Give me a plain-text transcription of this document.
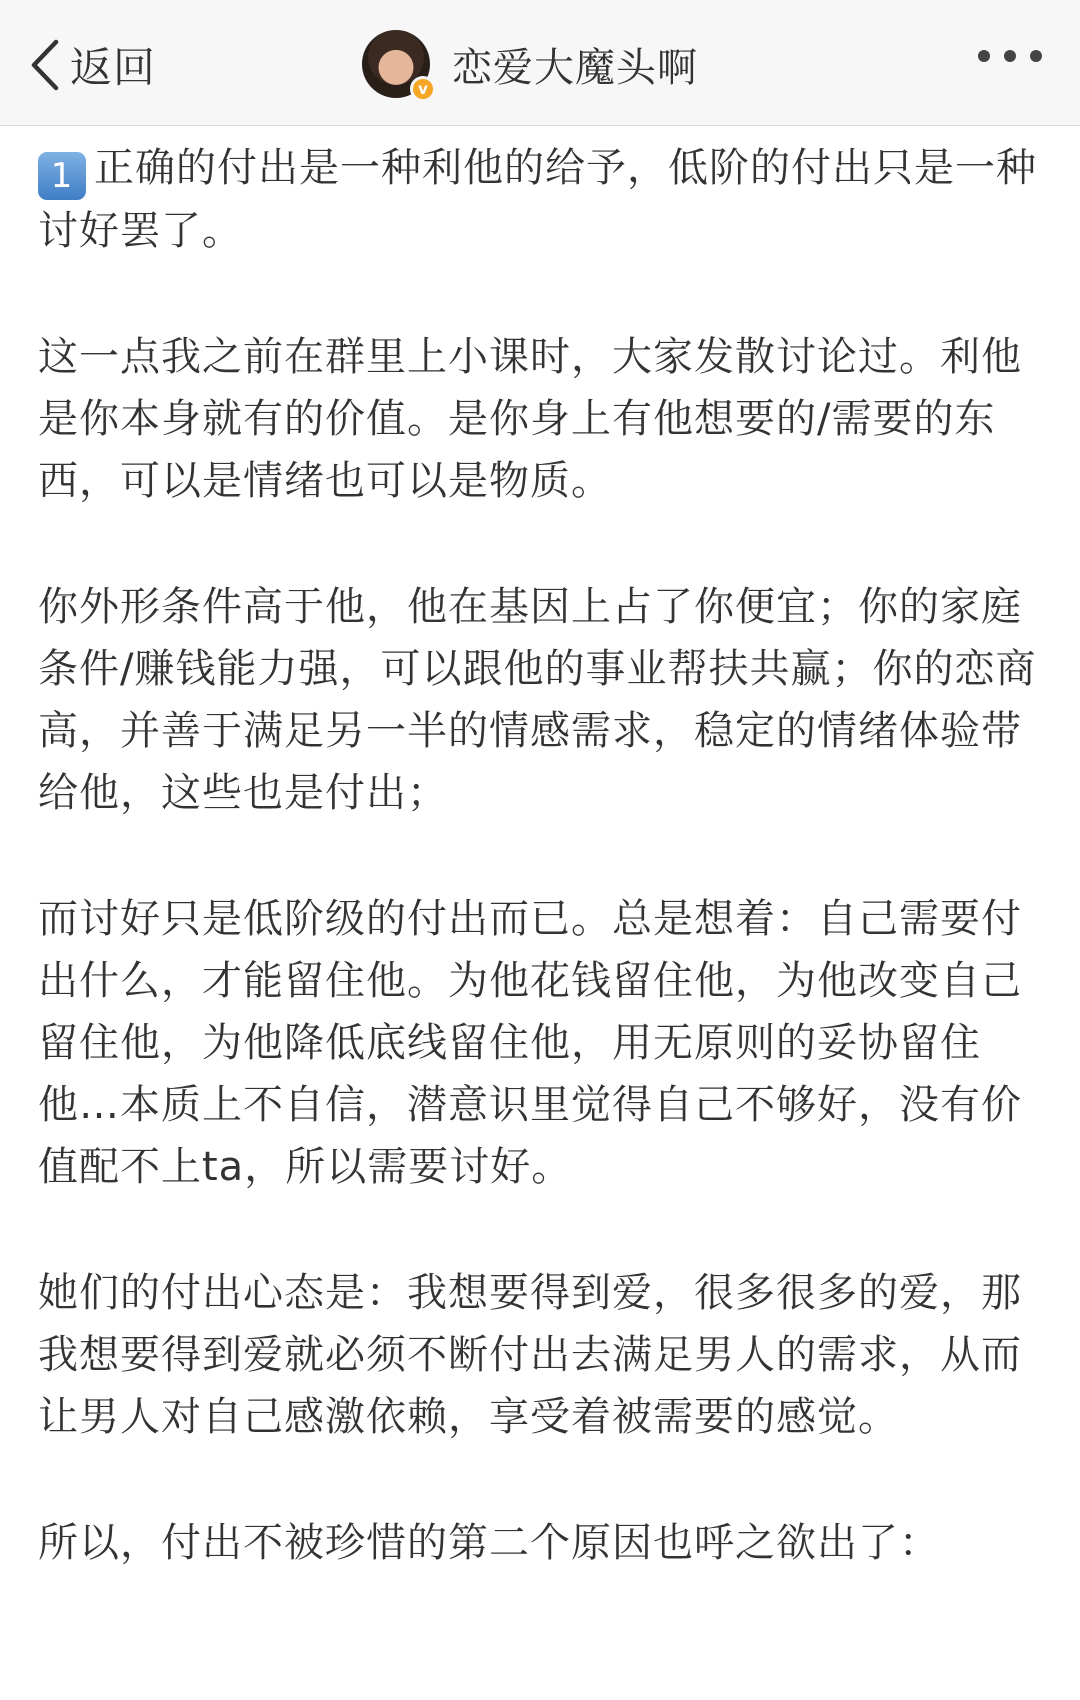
返回	v 恋爱大魔头啊

1 正确的付出是一种利他的给予，低阶的付出只是一种讨好罢了。

这一点我之前在群里上小课时，大家发散讨论过。利他是你本身就有的价值。是你身上有他想要的/需要的东西，可以是情绪也可以是物质。

你外形条件高于他，他在基因上占了你便宜；你的家庭条件/赚钱能力强，可以跟他的事业帮扶共赢；你的恋商高，并善于满足另一半的情感需求，稳定的情绪体验带给他，这些也是付出；

而讨好只是低阶级的付出而已。总是想着：自己需要付出什么，才能留住他。为他花钱留住他，为他改变自己留住他，为他降低底线留住他，用无原则的妥协留住他…本质上不自信，潜意识里觉得自己不够好，没有价值配不上ta，所以需要讨好。

她们的付出心态是：我想要得到爱，很多很多的爱，那我想要得到爱就必须不断付出去满足男人的需求，从而让男人对自己感激依赖，享受着被需要的感觉。

所以，付出不被珍惜的第二个原因也呼之欲出了：
